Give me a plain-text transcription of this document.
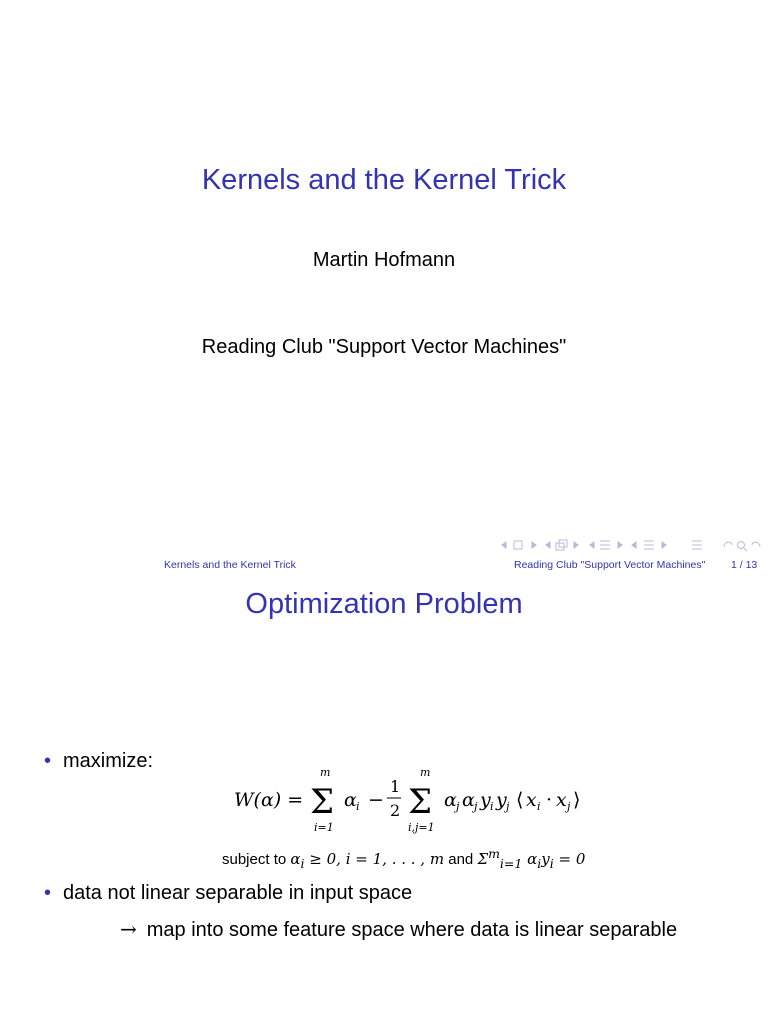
Kernels and the Kernel Trick
Martin Hofmann
Reading Club "Support Vector Machines"
Kernels and the Kernel Trick	Reading Club "Support Vector Machines" 1 / 13
Optimization Problem
• maximize:
W(α) =
m
Σ
i=1
α i −
1
2
m
Σ
i,j=1
α j α j y i y j ⟨ x i · x j ⟩
subject to $\alpha_i \ge 0$, i = 1, . . . , m and $\Sigma^m_{i=1}$ $\alpha_iy_i = 0$
• data not linear separable in input space
→ map into some feature space where data is linear separable
